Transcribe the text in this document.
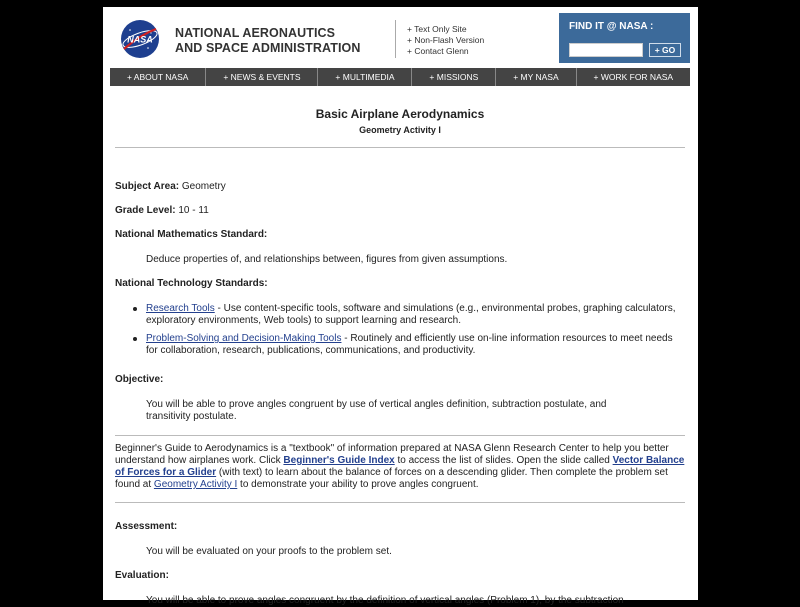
NASA NATIONAL AERONAUTICS
AND SPACE ADMINISTRATION
+ Text Only Site
+ Non-Flash Version
+ Contact Glenn
FIND IT @ NASA :
+ GO
+ ABOUT NASA	+ NEWS & EVENTS	+ MULTIMEDIA	+ MISSIONS	+ MY NASA	+ WORK FOR NASA
Basic Airplane Aerodynamics
Geometry Activity I
Subject Area: Geometry
Grade Level: 10 - 11
National Mathematics Standard:
Deduce properties of, and relationships between, figures from given assumptions.
National Technology Standards:
Research Tools - Use content-specific tools, software and simulations (e.g., environmental probes, graphing calculators, exploratory environments, Web tools) to support learning and research.
Problem-Solving and Decision-Making Tools - Routinely and efficiently use on-line information resources to meet needs for collaboration, research, publications, communications, and productivity.
Objective:
You will be able to prove angles congruent by use of vertical angles definition, subtraction postulate, and transitivity postulate.
Beginner's Guide to Aerodynamics is a "textbook" of information prepared at NASA Glenn Research Center to help you better understand how airplanes work. Click Beginner's Guide Index to access the list of slides. Open the slide called Vector Balance of Forces for a Glider (with text) to learn about the balance of forces on a descending glider. Then complete the problem set found at Geometry Activity I to demonstrate your ability to prove angles congruent.
Assessment:
You will be evaluated on your proofs to the problem set.
Evaluation:
You will be able to prove angles congruent by the definition of vertical angles (Problem 1), by the subtraction
